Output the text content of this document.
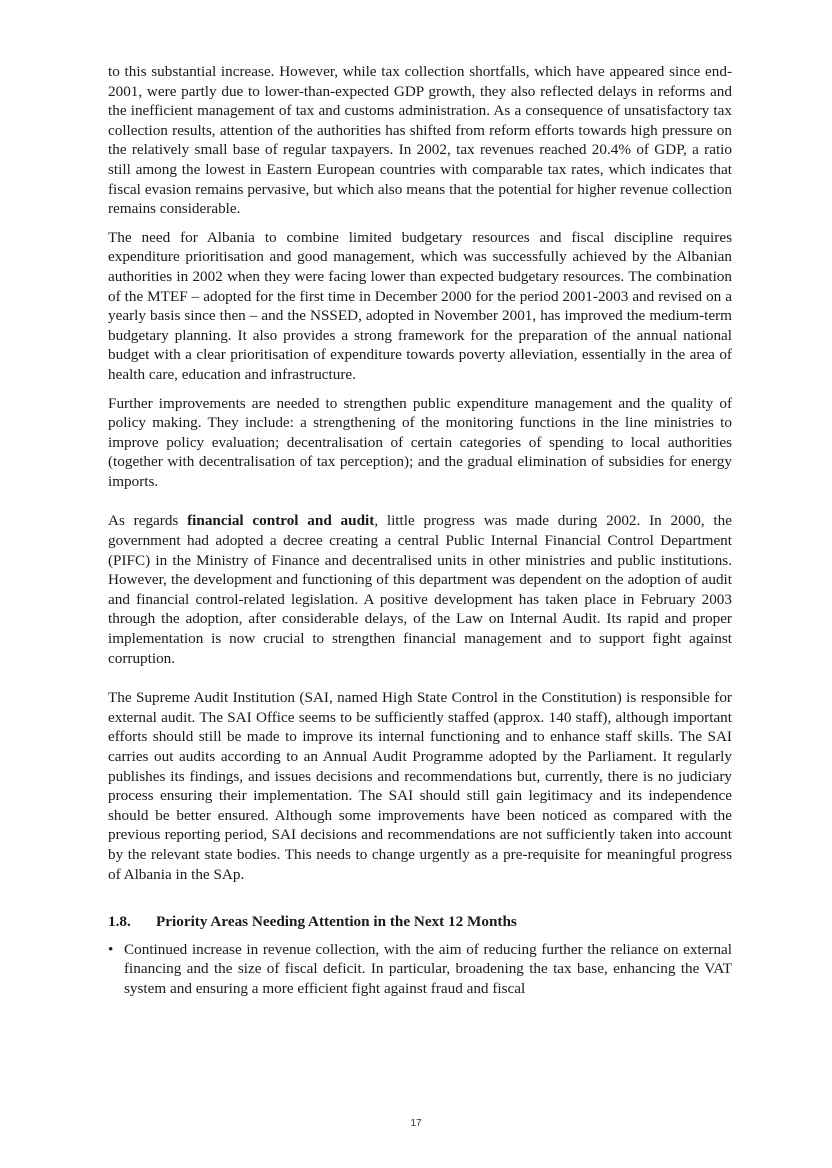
to this substantial increase. However, while tax collection shortfalls, which have appeared since end-2001, were partly due to lower-than-expected GDP growth, they also reflected delays in reforms and the inefficient management of tax and customs administration. As a consequence of unsatisfactory tax collection results, attention of the authorities has shifted from reform efforts towards high pressure on the relatively small base of regular taxpayers. In 2002, tax revenues reached 20.4% of GDP, a ratio still among the lowest in Eastern European countries with comparable tax rates, which indicates that fiscal evasion remains pervasive, but which also means that the potential for higher revenue collection remains considerable.

The need for Albania to combine limited budgetary resources and fiscal discipline requires expenditure prioritisation and good management, which was successfully achieved by the Albanian authorities in 2002 when they were facing lower than expected budgetary resources. The combination of the MTEF – adopted for the first time in December 2000 for the period 2001-2003 and revised on a yearly basis since then – and the NSSED, adopted in November 2001, has improved the medium-term budgetary planning. It also provides a strong framework for the preparation of the annual national budget with a clear prioritisation of expenditure towards poverty alleviation, essentially in the area of health care, education and infrastructure.

Further improvements are needed to strengthen public expenditure management and the quality of policy making. They include: a strengthening of the monitoring functions in the line ministries to improve policy evaluation; decentralisation of certain categories of spending to local authorities (together with decentralisation of tax perception); and the gradual elimination of subsidies for energy imports.

As regards financial control and audit, little progress was made during 2002. In 2000, the government had adopted a decree creating a central Public Internal Financial Control Department (PIFC) in the Ministry of Finance and decentralised units in other ministries and public institutions. However, the development and functioning of this department was dependent on the adoption of audit and financial control-related legislation. A positive development has taken place in February 2003 through the adoption, after considerable delays, of the Law on Internal Audit. Its rapid and proper implementation is now crucial to strengthen financial management and to support fight against corruption.

The Supreme Audit Institution (SAI, named High State Control in the Constitution) is responsible for external audit. The SAI Office seems to be sufficiently staffed (approx. 140 staff), although important efforts should still be made to improve its internal functioning and to enhance staff skills. The SAI carries out audits according to an Annual Audit Programme adopted by the Parliament. It regularly publishes its findings, and issues decisions and recommendations but, currently, there is no judiciary process ensuring their implementation. The SAI should still gain legitimacy and its independence should be better ensured. Although some improvements have been noticed as compared with the previous reporting period, SAI decisions and recommendations are not sufficiently taken into account by the relevant state bodies. This needs to change urgently as a pre-requisite for meaningful progress of Albania in the SAp.

1.8.	Priority Areas Needing Attention in the Next 12 Months
• Continued increase in revenue collection, with the aim of reducing further the reliance on external financing and the size of fiscal deficit. In particular, broadening the tax base, enhancing the VAT system and ensuring a more efficient fight against fraud and fiscal
17
